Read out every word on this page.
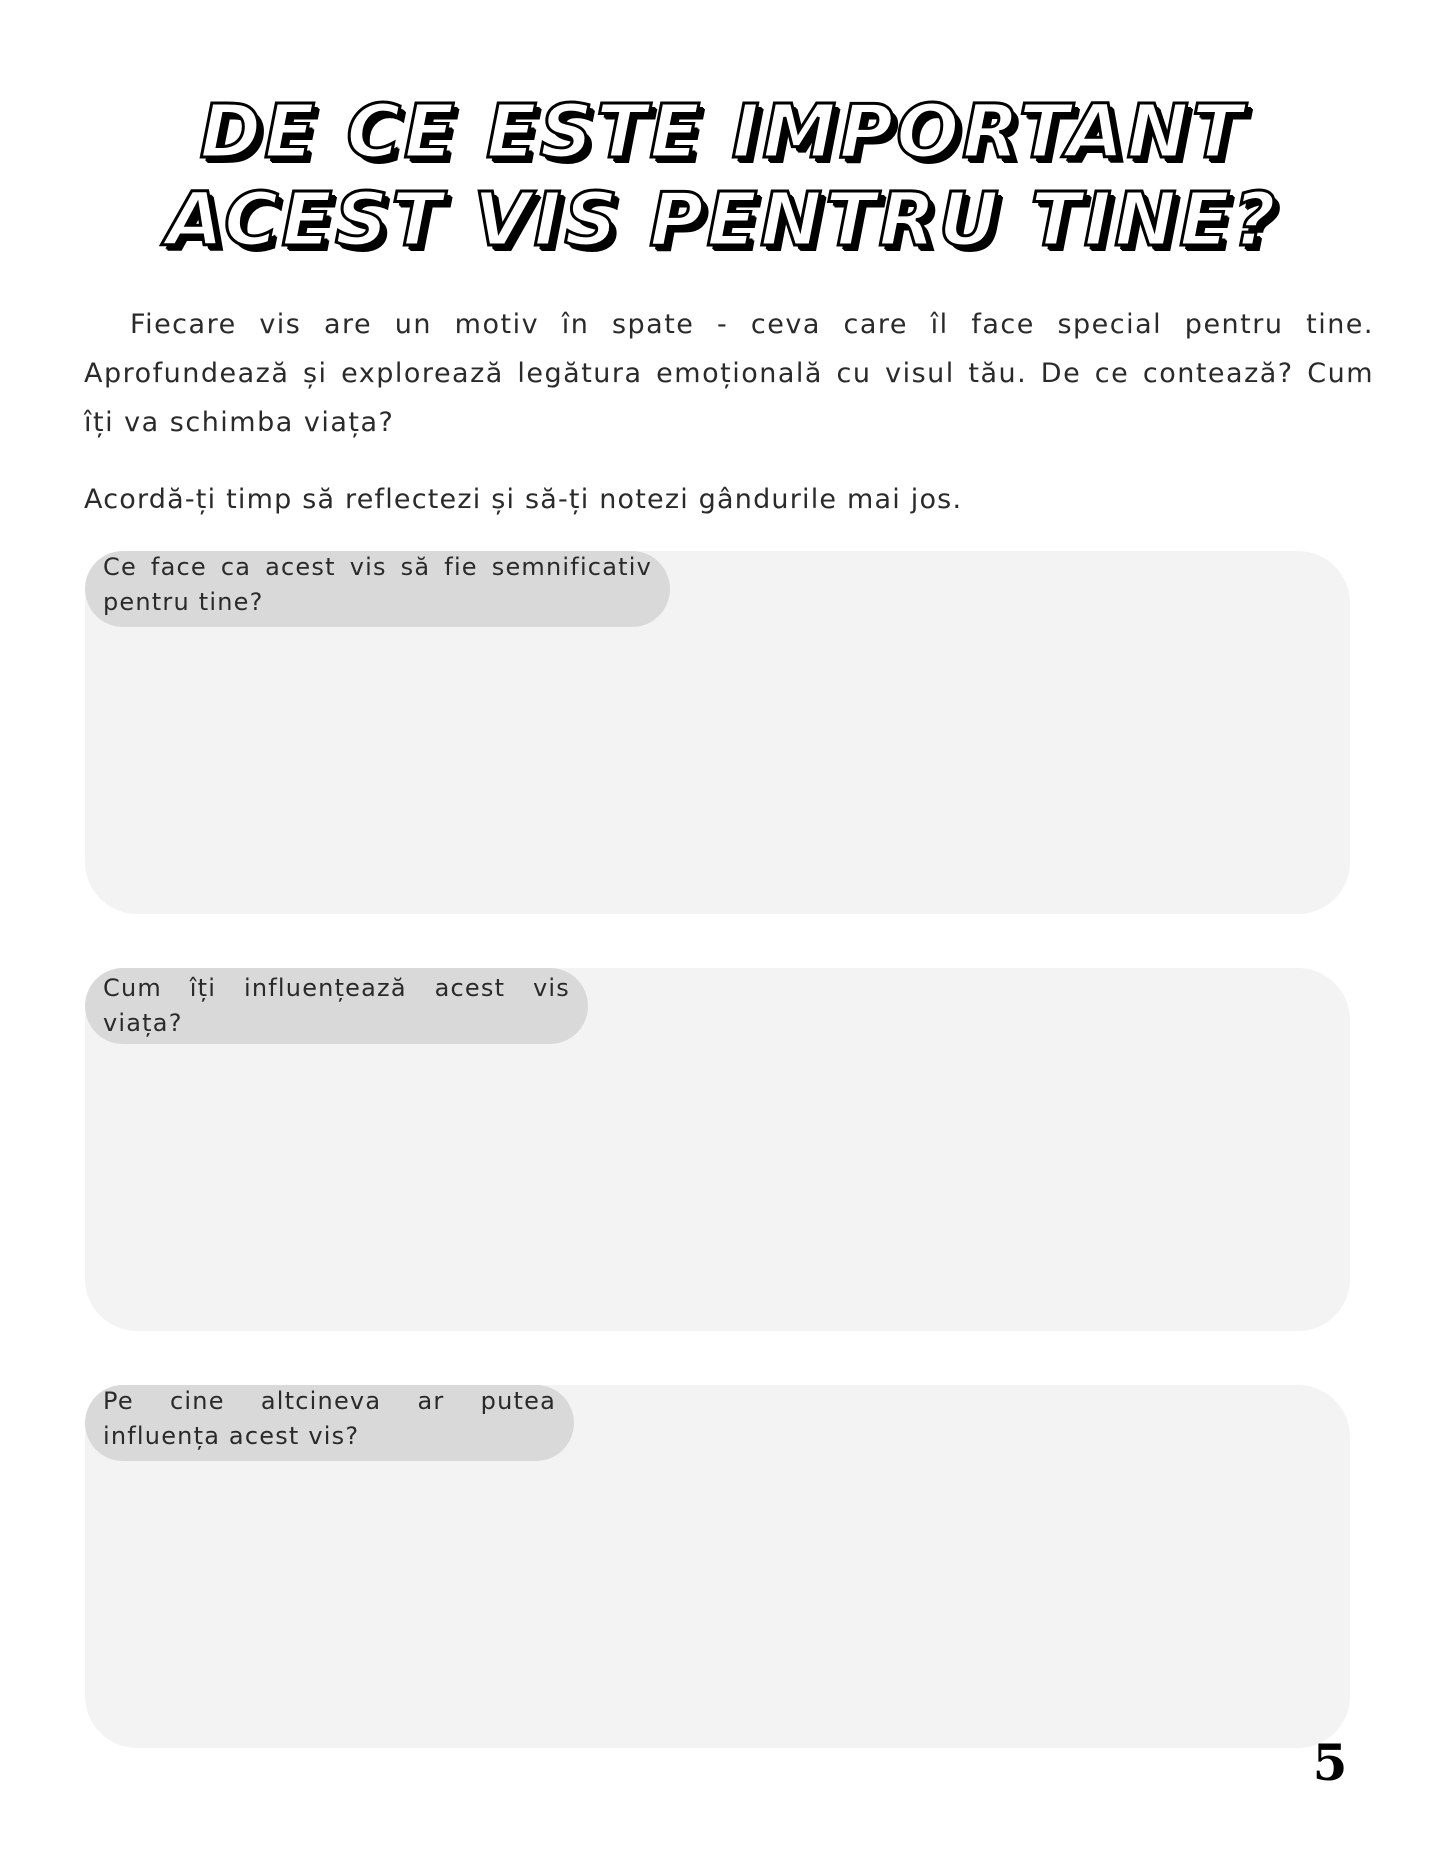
DE CE ESTE IMPORTANT ACEST VIS PENTRU TINE?

Fiecare vis are un motiv în spate - ceva care îl face special pentru tine. Aprofundează și explorează legătura emoțională cu visul tău. De ce contează? Cum îți va schimba viața?

Acordă-ți timp să reflectezi și să-ți notezi gândurile mai jos.

Ce face ca acest vis să fie semnificativ pentru tine?
Cum îți influențează acest vis viața?
Pe cine altcineva ar putea influența acest vis?

5
